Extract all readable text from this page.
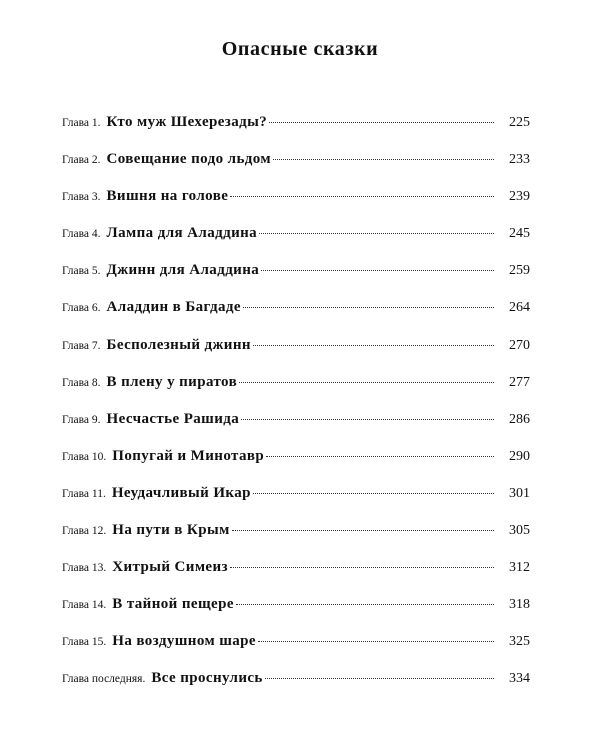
Опасные сказки
Глава 1. Кто муж Шехерезады?	225
Глава 2. Совещание подо льдом	233
Глава 3. Вишня на голове	239
Глава 4. Лампа для Аладдина	245
Глава 5. Джинн для Аладдина	259
Глава 6. Аладдин в Багдаде	264
Глава 7. Бесполезный джинн	270
Глава 8. В плену у пиратов	277
Глава 9. Несчастье Рашида	286
Глава 10. Попугай и Минотавр	290
Глава 11. Неудачливый Икар	301
Глава 12. На пути в Крым	305
Глава 13. Хитрый Симеиз	312
Глава 14. В тайной пещере	318
Глава 15. На воздушном шаре	325
Глава последняя. Все проснулись	334
